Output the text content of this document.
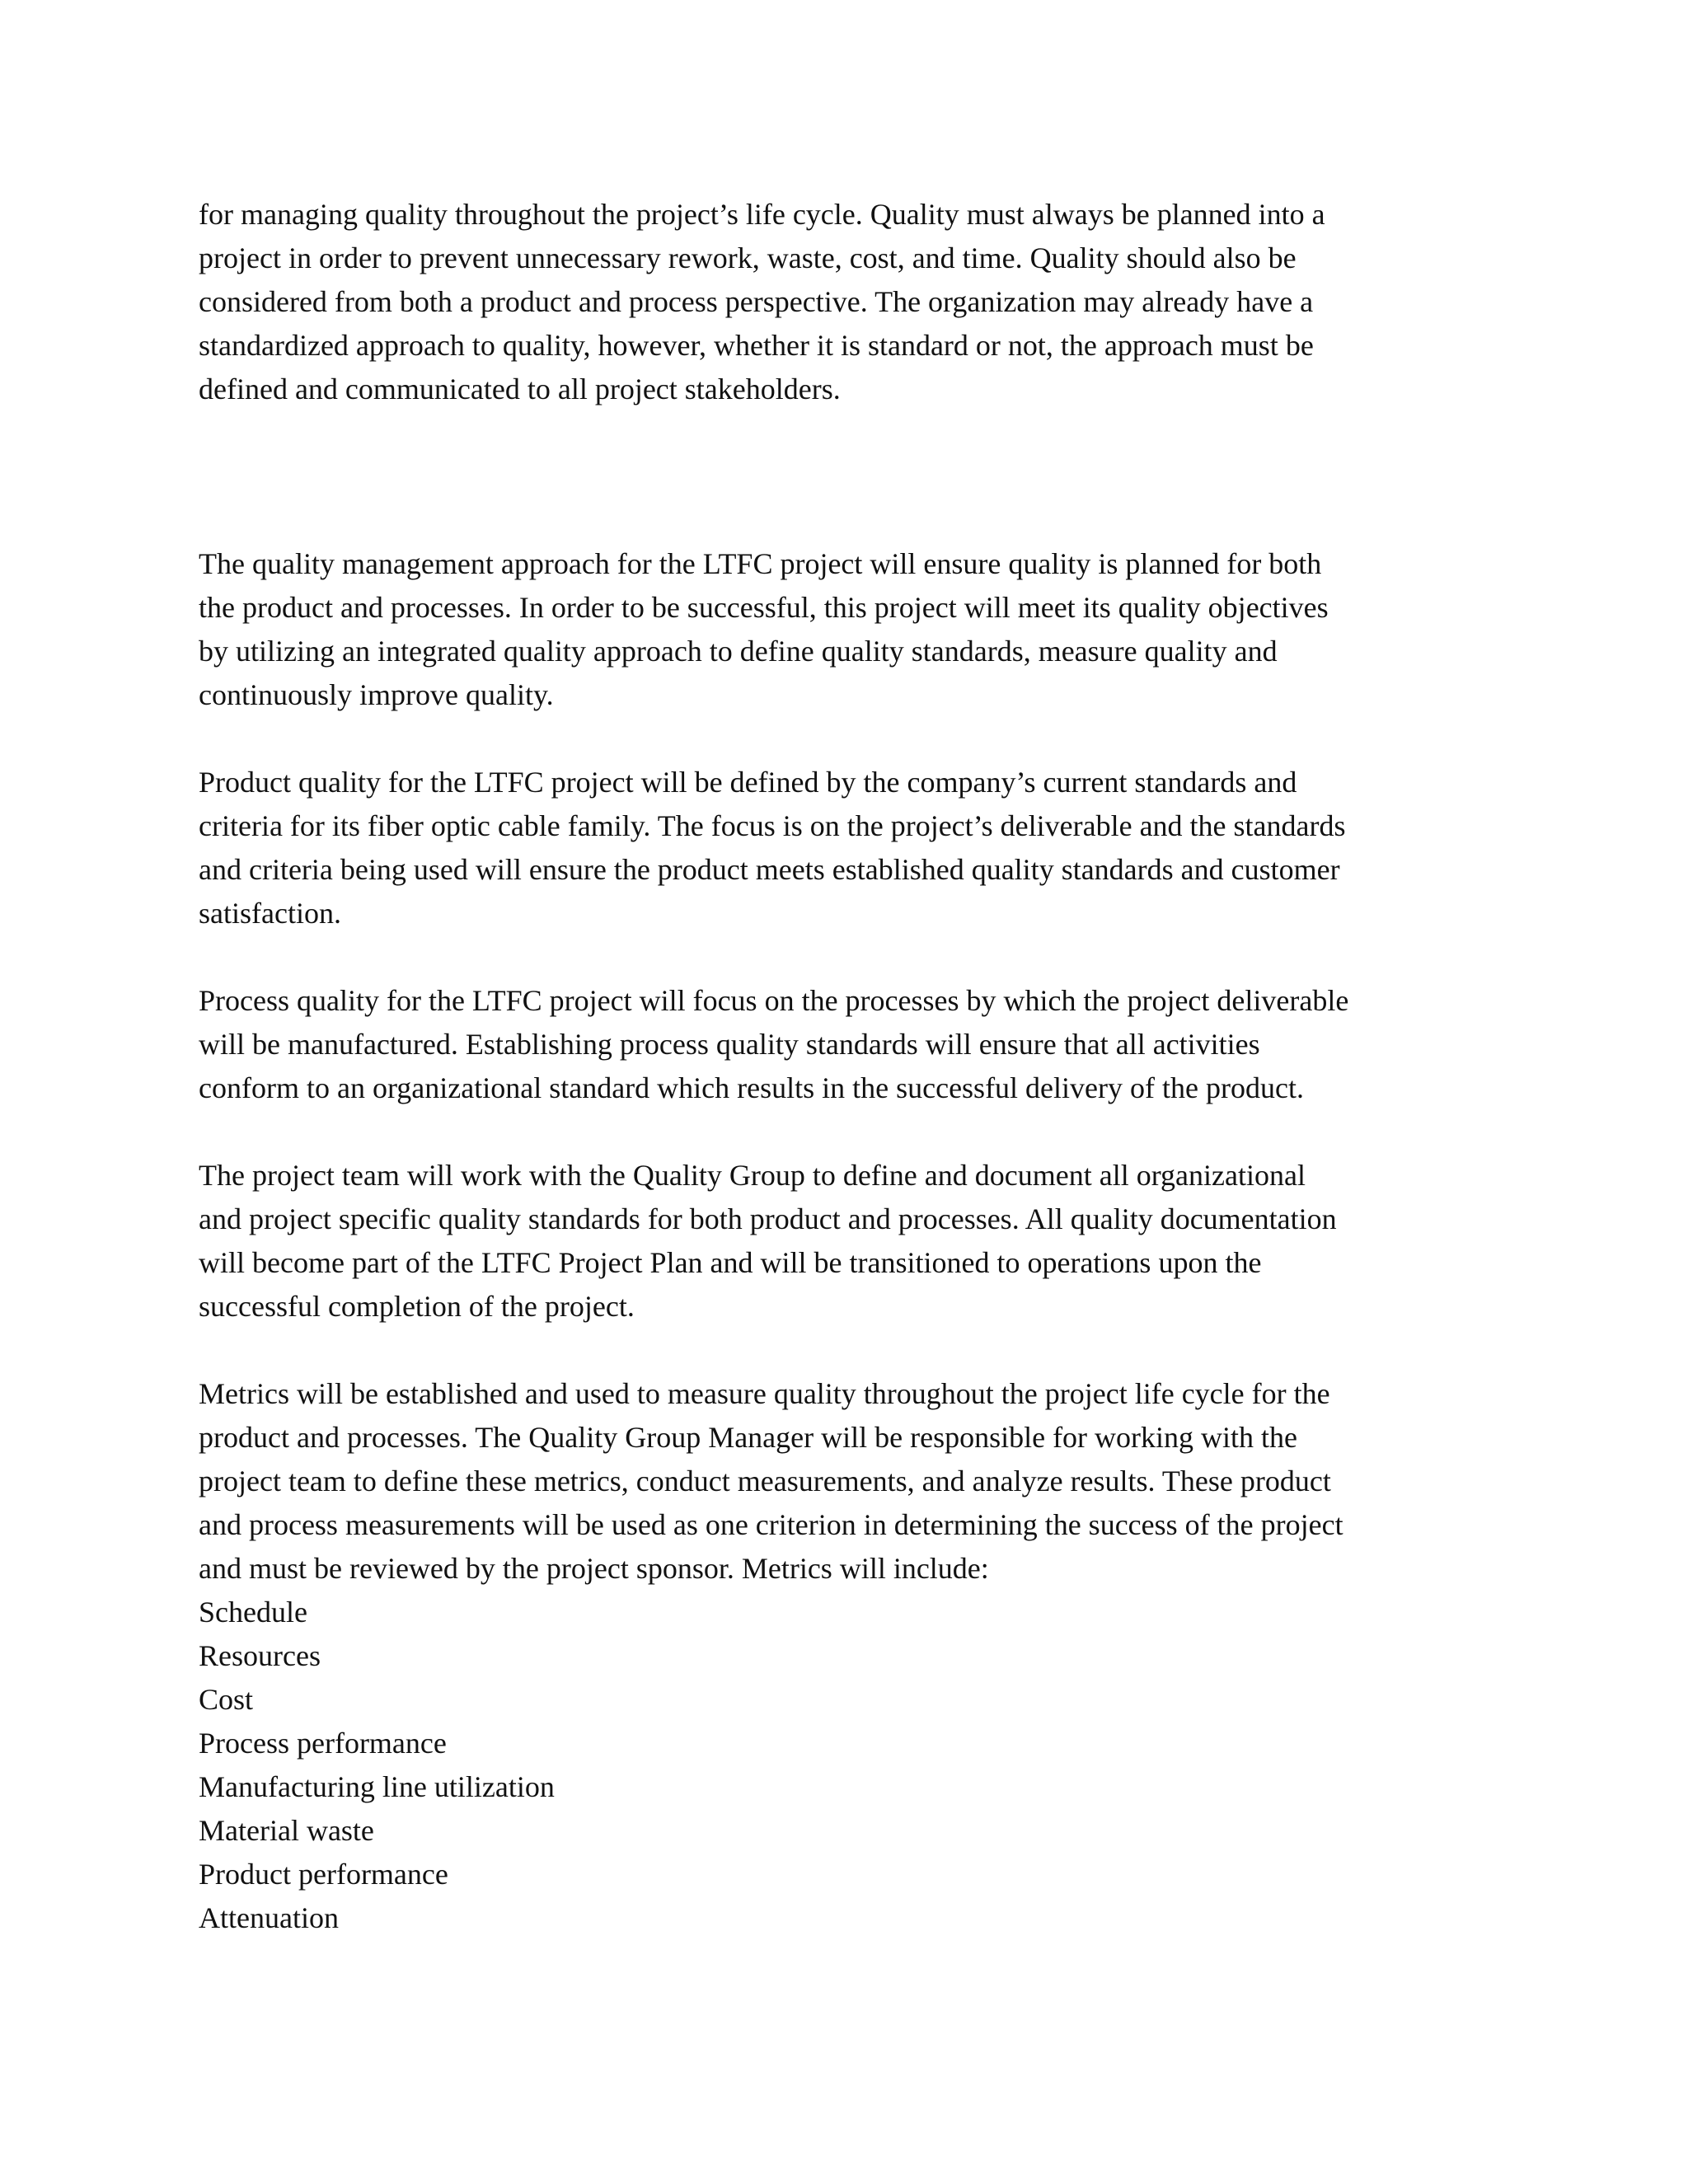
for managing quality throughout the project’s life cycle. Quality must always be planned into a
project in order to prevent unnecessary rework, waste, cost, and time. Quality should also be
considered from both a product and process perspective. The organization may already have a
standardized approach to quality, however, whether it is standard or not, the approach must be
defined and communicated to all project stakeholders.
The quality management approach for the LTFC project will ensure quality is planned for both
the product and processes. In order to be successful, this project will meet its quality objectives
by utilizing an integrated quality approach to define quality standards, measure quality and
continuously improve quality.
Product quality for the LTFC project will be defined by the company’s current standards and
criteria for its fiber optic cable family. The focus is on the project’s deliverable and the standards
and criteria being used will ensure the product meets established quality standards and customer
satisfaction.
Process quality for the LTFC project will focus on the processes by which the project deliverable
will be manufactured. Establishing process quality standards will ensure that all activities
conform to an organizational standard which results in the successful delivery of the product.
The project team will work with the Quality Group to define and document all organizational
and project specific quality standards for both product and processes. All quality documentation
will become part of the LTFC Project Plan and will be transitioned to operations upon the
successful completion of the project.
Metrics will be established and used to measure quality throughout the project life cycle for the
product and processes. The Quality Group Manager will be responsible for working with the
project team to define these metrics, conduct measurements, and analyze results. These product
and process measurements will be used as one criterion in determining the success of the project
and must be reviewed by the project sponsor. Metrics will include:
Schedule
Resources
Cost
Process performance
Manufacturing line utilization
Material waste
Product performance
Attenuation
